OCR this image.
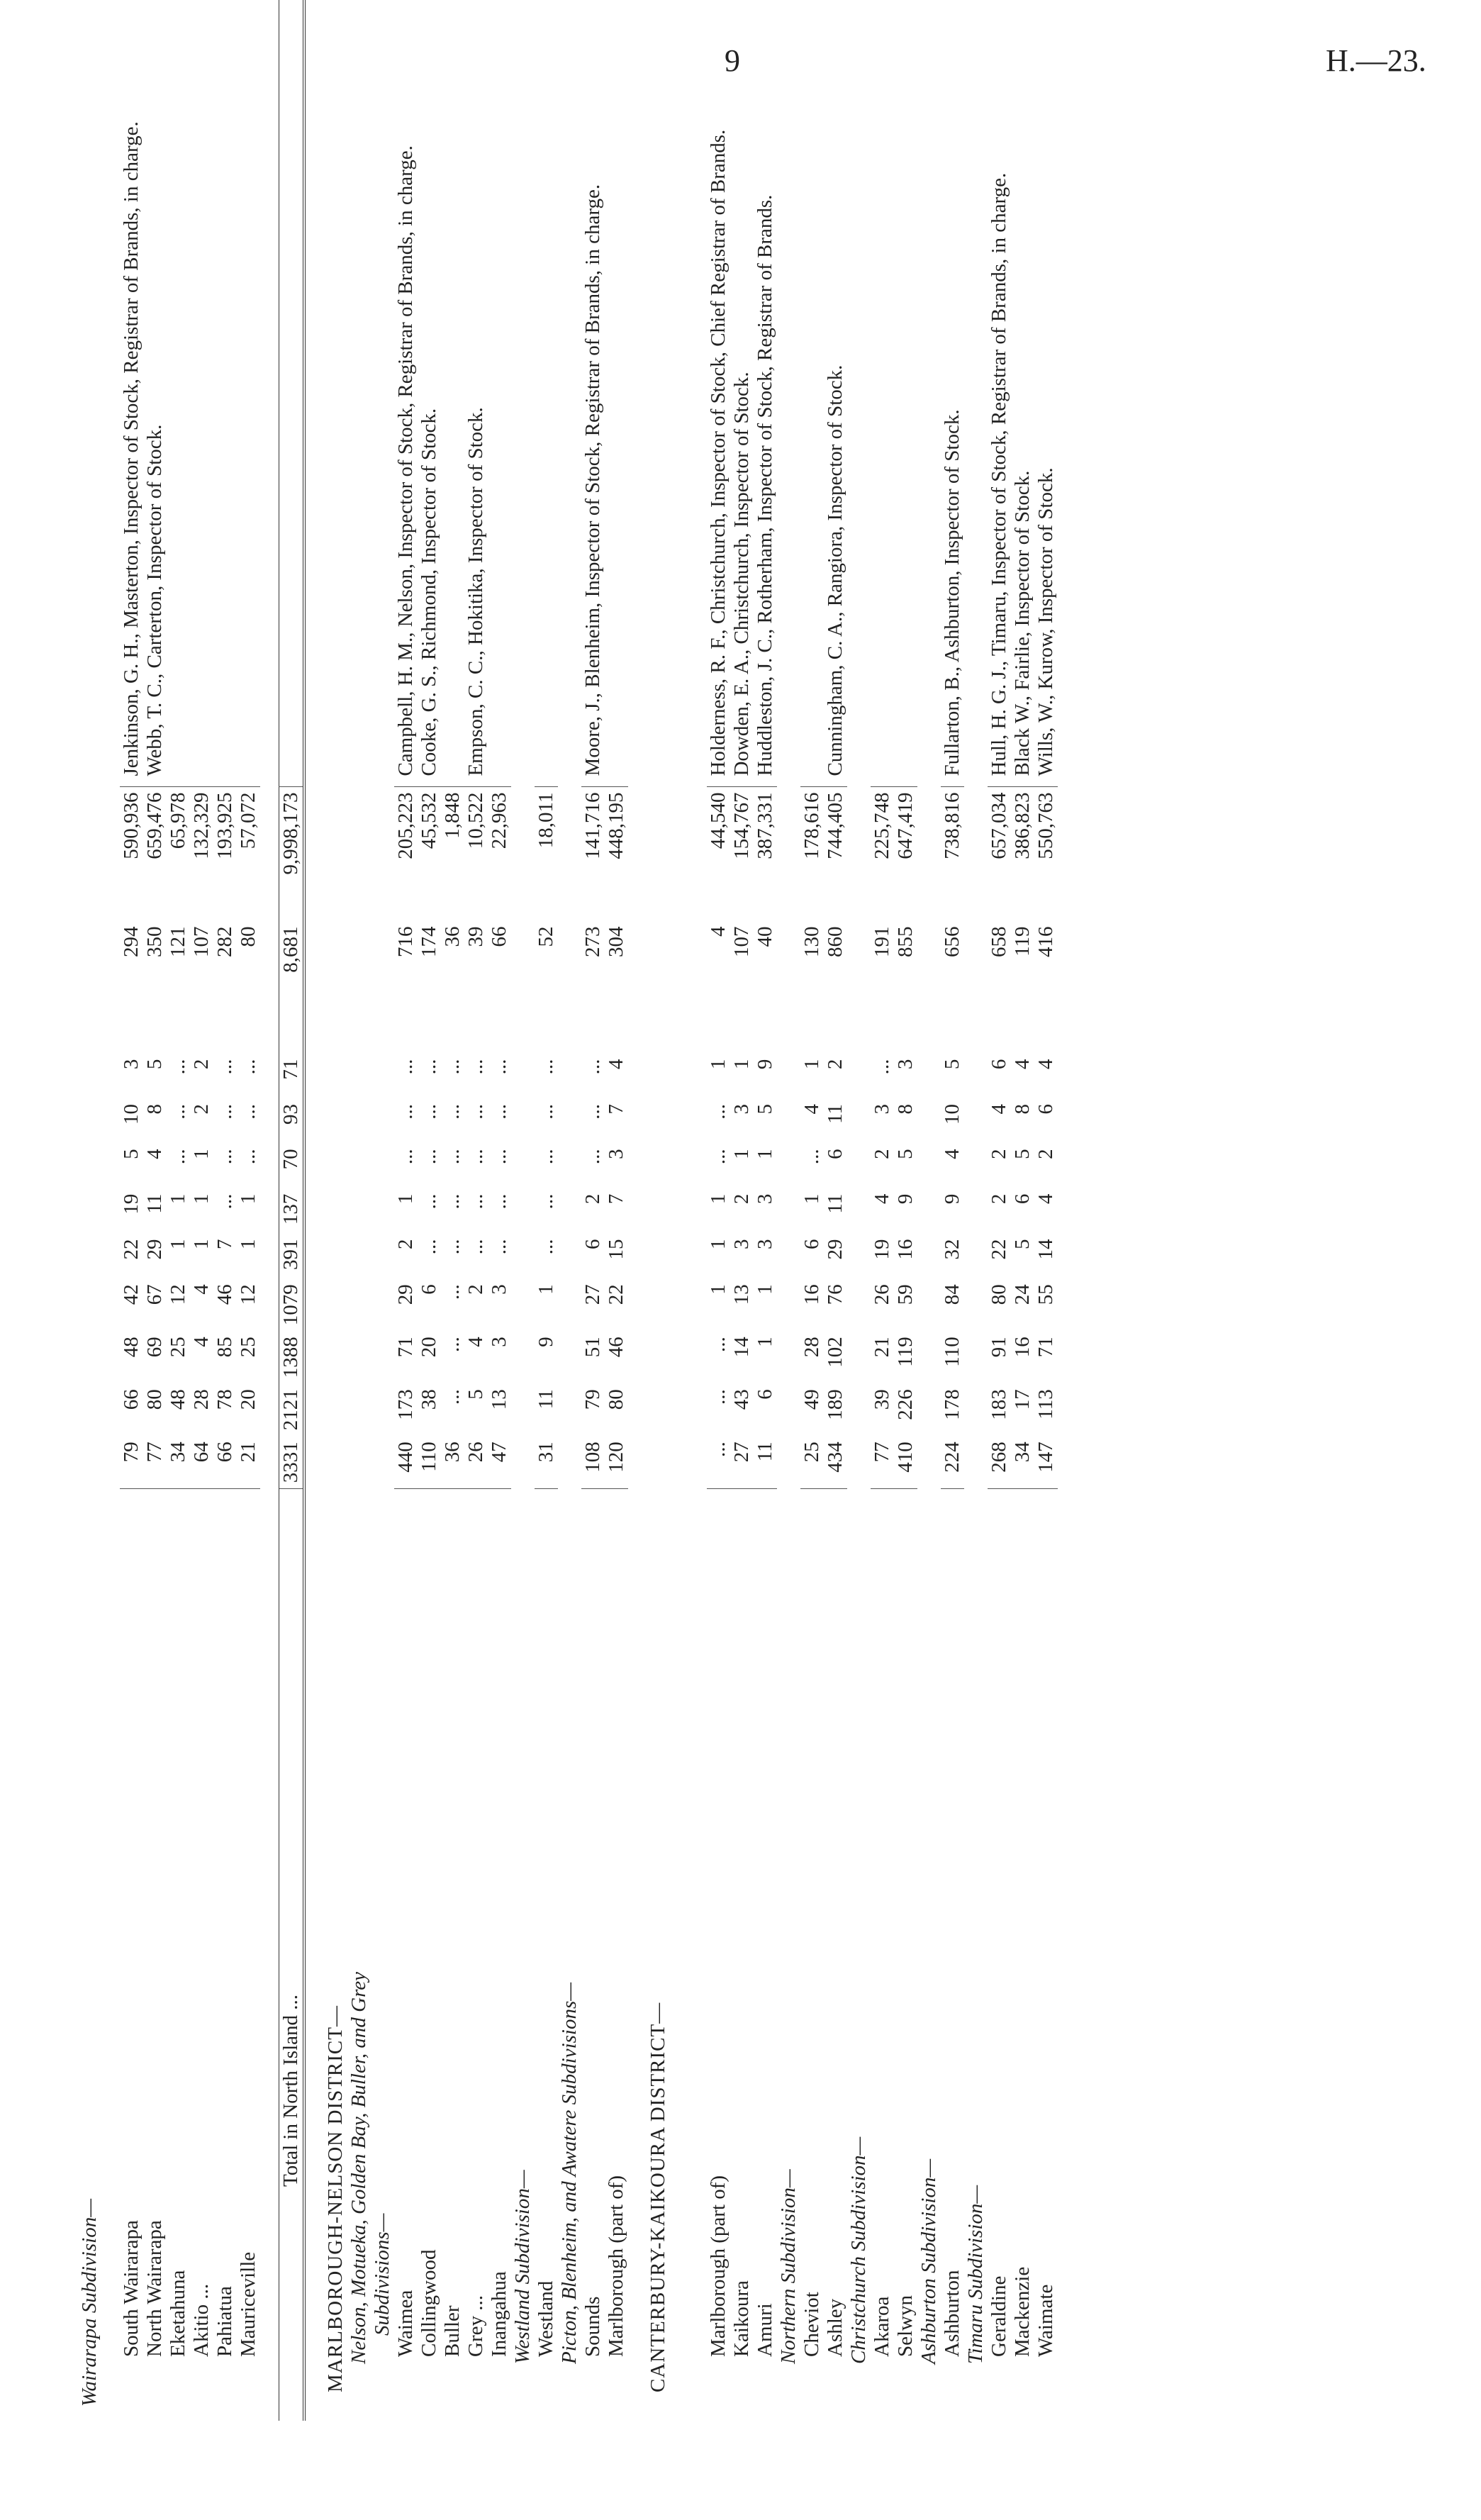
9	H.—23.
Wairarapa Subdivision—												

South Wairarapa	79	66	48	42	22	19	5	10	3	294	590,936	Jenkinson, G. H., Masterton, Inspector of Stock, Registrar of Brands, in charge.
North Wairarapa	77	80	69	67	29	11	4	8	5	350	659,476	Webb, T. C., Carterton, Inspector of Stock.
Eketahuna	34	48	25	12	1	1	...	...	...	121	65,978	
Akitio ...	64	28	4	4	1	1	1	2	2	107	132,329	
Pahiatua	66	78	85	46	7	...	...	...	...	282	193,925	
Mauriceville	21	20	25	12	1	1	...	...	...	80	57,072	

Total in North Island ...	3331	2121	1388	1079	391	137	70	93	71	8,681	9,998,173	

MARLBOROUGH-NELSON DISTRICT—												
Nelson, Motueka, Golden Bay, Buller, and Grey												
Subdivisions—												
Waimea	440	173	71	29	2	1	...	...	...	716	205,223	Campbell, H. M., Nelson, Inspector of Stock, Registrar of Brands, in charge.
Collingwood	110	38	20	6	...	...	...	...	...	174	45,532	Cooke, G. S., Richmond, Inspector of Stock.
Buller	36	...	...	...	...	...	...	...	...	36	1,848	
Grey ...	26	5	4	2	...	...	...	...	...	39	10,522	Empson, C. C., Hokitika, Inspector of Stock.
Inangahua	47	13	3	3	...	...	...	...	...	66	22,963	
Westland Subdivision—												
Westland	31	11	9	1	...	...	...	...	...	52	18,011	
Picton, Blenheim, and Awatere Subdivisions—												
Sounds	108	79	51	27	6	2	...	...	...	273	141,716	Moore, J., Blenheim, Inspector of Stock, Registrar of Brands, in charge.
Marlborough (part of)	120	80	46	22	15	7	3	7	4	304	448,195	

CANTERBURY-KAIKOURA DISTRICT—												

Marlborough (part of)	...	...	...	1	1	1	...	...	1	4	44,540	Holderness, R. F., Christchurch, Inspector of Stock, Chief Registrar of Brands.
Kaikoura	27	43	14	13	3	2	1	3	1	107	154,767	Dowden, E. A., Christchurch, Inspector of Stock.
Amuri	11	6	1	1	3	3	1	5	9	40	387,331	Huddleston, J. C., Rotherham, Inspector of Stock, Registrar of Brands.
Northern Subdivision—												
Cheviot	25	49	28	16	6	1	...	4	1	130	178,616	
Ashley	434	189	102	76	29	11	6	11	2	860	744,405	Cunningham, C. A., Rangiora, Inspector of Stock.
Christchurch Subdivision—												
Akaroa	77	39	21	26	19	4	2	3	...	191	225,748	
Selwyn	410	226	119	59	16	9	5	8	3	855	647,419	
Ashburton Subdivision—												
Ashburton	224	178	110	84	32	9	4	10	5	656	738,816	Fullarton, B., Ashburton, Inspector of Stock.
Timaru Subdivision—												
Geraldine	268	183	91	80	22	2	2	4	6	658	657,034	Hull, H. G. J., Timaru, Inspector of Stock, Registrar of Brands, in charge.
Mackenzie	34	17	16	24	5	6	5	8	4	119	386,823	Black W., Fairlie, Inspector of Stock.
Waimate	147	113	71	55	14	4	2	6	4	416	550,763	Wills, W., Kurow, Inspector of Stock.
